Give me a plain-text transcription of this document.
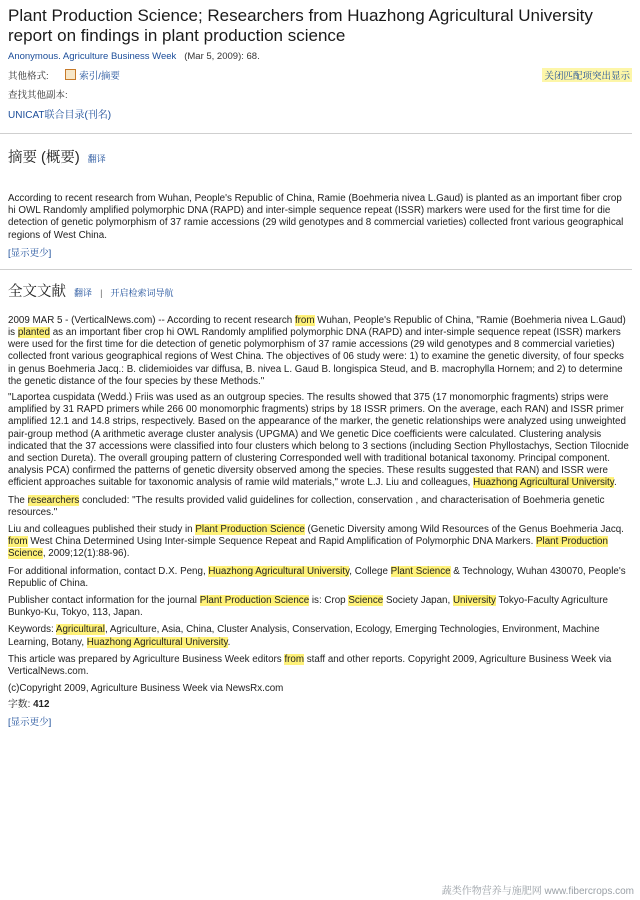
Plant Production Science; Researchers from Huazhong Agricultural University
report on findings in plant production science
Anonymous. Agriculture Business Week (Mar 5, 2009): 68.
其他格式:	索引/摘要	关闭匹配项突出显示
查找其他副本:
UNICAT联合目录(刊名)
摘要 (概要) 翻译

According to recent research from Wuhan, People's Republic of China, Ramie (Boehmeria nivea L.Gaud) is planted as an important fiber crop hi OWL Randomly amplified polymorphic DNA (RAPD) and inter-simple sequence repeat (ISSR) markers were used for the first time for die detection of genetic polymorphism of 37 ramie accessions (29 wild genotypes and 8 commercial varieties) collected front various geographical regions of West China.

[显示更少]
全文文献 翻译 | 开启检索词导航

2009 MAR 5 - (VerticalNews.com) -- According to recent research from Wuhan, People's Republic of China, "Ramie (Boehmeria nivea L.Gaud) is planted as an important fiber crop hi OWL Randomly amplified polymorphic DNA (RAPD) and inter-simple sequence repeat (ISSR) markers were used for the first time for die detection of genetic polymorphism of 37 ramie accessions (29 wild genotypes and 8 commercial varieties) collected front various geographical regions of West China. The objectives of 06 study were: 1) to examine the genetic diversity, of four specks in genus Boehmeria Jacq.: B. clidemioides var diffusa, B. nivea L. Gaud B. longispica Steud, and B. macrophylla Hornem; and 2) to determine the genetic distance of the four species by these Methods."

"Laportea cuspidata (Wedd.) Friis was used as an outgroup species. The results showed that 375 (17 monomorphic fragments) strips were amplified by 31 RAPD primers while 266 00 monomorphic fragments) strips by 18 ISSR primers. On the average, each RAN) and ISSR primer amplified 12.1 and 14.8 strips, respectively. Based on the appearance of the marker, the genetic relationships were analyzed using unweighted pair-group method (A arithmetic average cluster analysis (UPGMA) and We genetic Dice coefficients were calculated. Clustering analysis indicated that the 37 accessions were classified into four clusters which belong to 3 sections (including Section Phyllostachys, Section Tilocnide and section Dureta). The overall grouping pattern of clustering Corresponded well with traditional botanical taxonomy. Principal component. analysis PCA) confirmed the patterns of genetic diversity observed among the species. These results suggested that RAN) and ISSR were efficient approaches suitable for taxonomic analysis of ramie wild materials," wrote L.J. Liu and colleagues, Huazhong Agricultural University.

The researchers concluded: "The results provided valid guidelines for collection, conservation , and characterisation of Boehmeria genetic resources."

Liu and colleagues published their study in Plant Production Science (Genetic Diversity among Wild Resources of the Genus Boehmeria Jacq. from West China Determined Using Inter-simple Sequence Repeat and Rapid Amplification of Polymorphic DNA Markers. Plant Production Science, 2009;12(1):88-96).

For additional information, contact D.X. Peng, Huazhong Agricultural University, College Plant Science & Technology, Wuhan 430070, People's Republic of China.

Publisher contact information for the journal Plant Production Science is: Crop Science Society Japan, University Tokyo-Faculty Agriculture Bunkyo-Ku, Tokyo, 113, Japan.

Keywords: Agricultural, Agriculture, Asia, China, Cluster Analysis, Conservation, Ecology, Emerging Technologies, Environment, Machine Learning, Botany, Huazhong Agricultural University.

This article was prepared by Agriculture Business Week editors from staff and other reports. Copyright 2009, Agriculture Business Week via VerticalNews.com.

(c)Copyright 2009, Agriculture Business Week via NewsRx.com

字数: 412

[显示更少]
蔬类作物营养与施肥网 www.fibercrops.com
